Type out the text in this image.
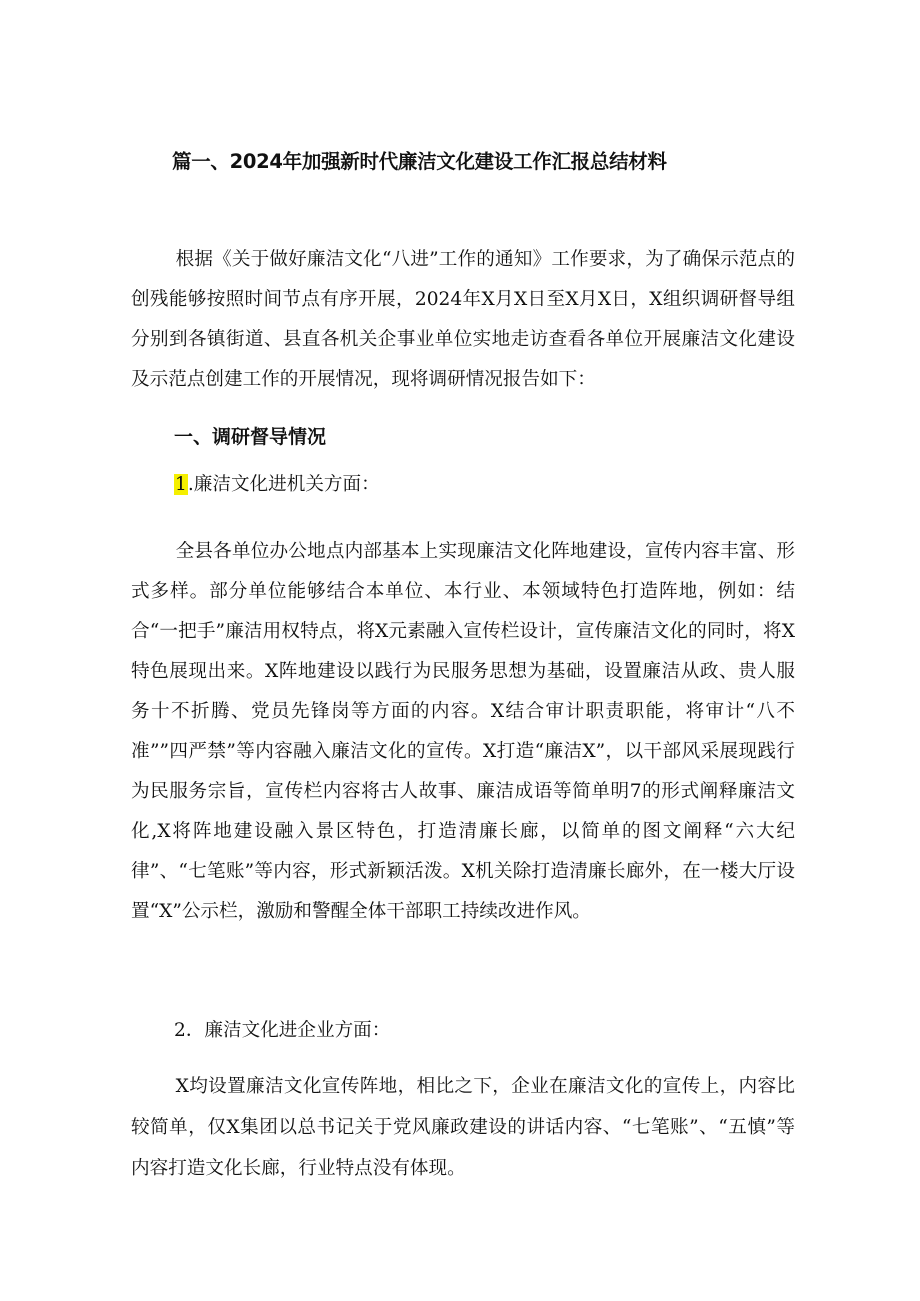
篇一、2024年加强新时代廉洁文化建设工作汇报总结材料

根据《关于做好廉洁文化“八进”工作的通知》工作要求，为了确保示范点的创残能够按照时间节点有序开展，2024年X月X日至X月X日，X组织调研督导组分别到各镇街道、县直各机关企事业单位实地走访查看各单位开展廉洁文化建设及示范点创建工作的开展情况，现将调研情况报告如下：

一、调研督导情况

1.廉洁文化进机关方面：

全县各单位办公地点内部基本上实现廉洁文化阵地建设，宣传内容丰富、形式多样。部分单位能够结合本单位、本行业、本领域特色打造阵地，例如：结合“一把手”廉洁用权特点，将X元素融入宣传栏设计，宣传廉洁文化的同时，将X特色展现出来。X阵地建设以践行为民服务思想为基础，设置廉洁从政、贵人服务十不折腾、党员先锋岗等方面的内容。X结合审计职责职能，将审计“八不准””四严禁”等内容融入廉洁文化的宣传。X打造“廉洁X”，以干部风采展现践行为民服务宗旨，宣传栏内容将古人故事、廉洁成语等简单明7的形式阐释廉洁文化,X将阵地建设融入景区特色，打造清廉长廊，以简单的图文阐释“六大纪律”、“七笔账”等内容，形式新颖活泼。X机关除打造清廉长廊外，在一楼大厅设置“X”公示栏，激励和警醒全体干部职工持续改进作风。

2．廉洁文化进企业方面：

X均设置廉洁文化宣传阵地，相比之下，企业在廉洁文化的宣传上，内容比较简单，仅X集团以总书记关于党风廉政建设的讲话内容、“七笔账”、“五慎”等内容打造文化长廊，行业特点没有体现。
